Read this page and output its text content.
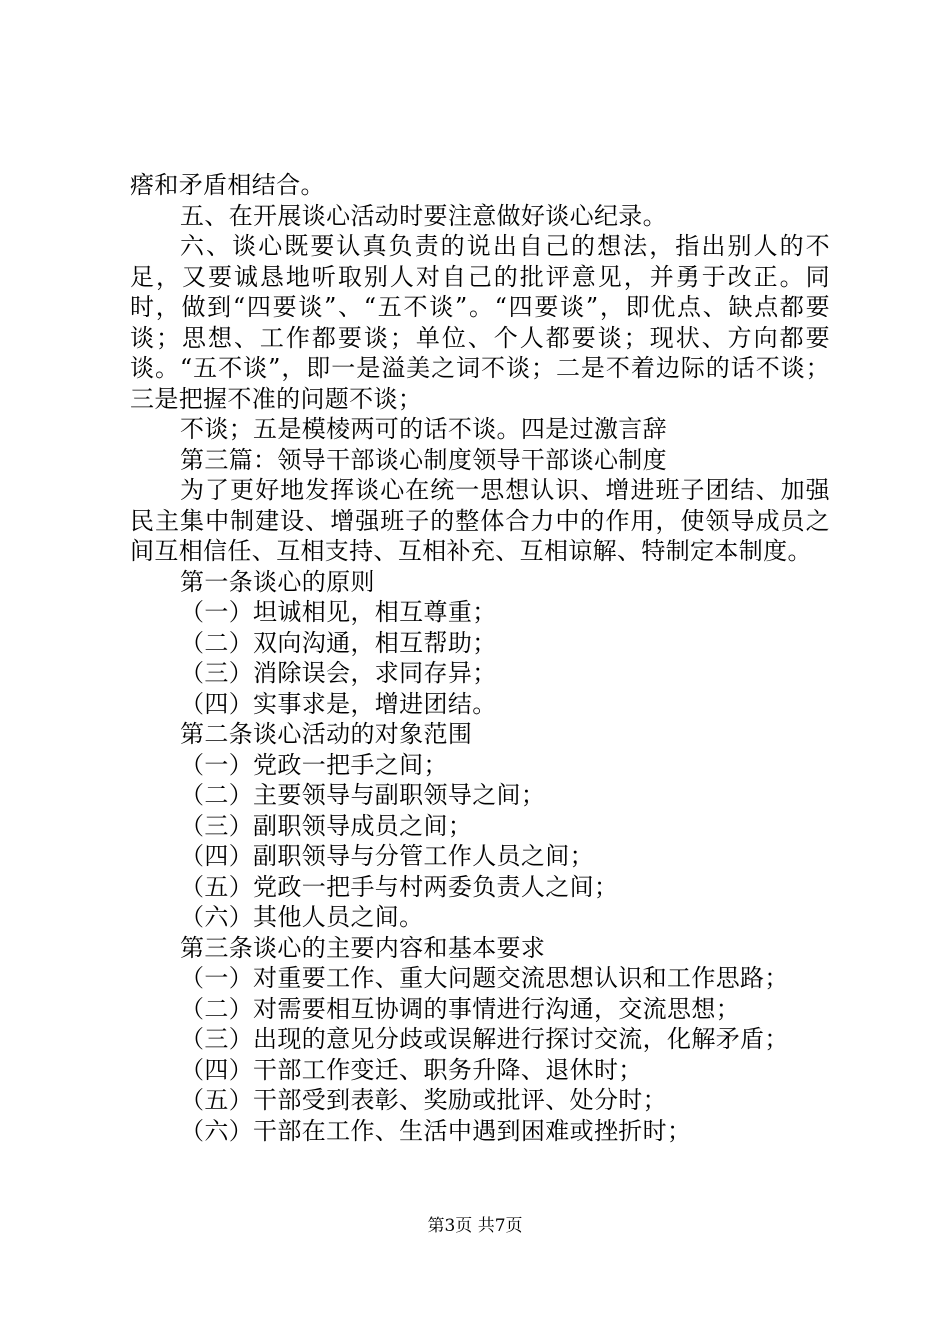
瘩和矛盾相结合。

五、在开展谈心活动时要注意做好谈心纪录。

六、谈心既要认真负责的说出自己的想法，指出别人的不足，又要诚恳地听取别人对自己的批评意见，并勇于改正。同时，做到“四要谈”、“五不谈”。“四要谈”，即优点、缺点都要谈；思想、工作都要谈；单位、个人都要谈；现状、方向都要谈。“五不谈”，即一是溢美之词不谈；二是不着边际的话不谈；三是把握不准的问题不谈；

不谈；五是模棱两可的话不谈。四是过激言辞

第三篇：领导干部谈心制度领导干部谈心制度

为了更好地发挥谈心在统一思想认识、增进班子团结、加强民主集中制建设、增强班子的整体合力中的作用，使领导成员之间互相信任、互相支持、互相补充、互相谅解、特制定本制度。

第一条谈心的原则

（一）坦诚相见，相互尊重；

（二）双向沟通，相互帮助；

（三）消除误会，求同存异；

（四）实事求是，增进团结。

第二条谈心活动的对象范围

（一）党政一把手之间；

（二）主要领导与副职领导之间；

（三）副职领导成员之间；

（四）副职领导与分管工作人员之间；

（五）党政一把手与村两委负责人之间；

（六）其他人员之间。

第三条谈心的主要内容和基本要求

（一）对重要工作、重大问题交流思想认识和工作思路；

（二）对需要相互协调的事情进行沟通，交流思想；

（三）出现的意见分歧或误解进行探讨交流，化解矛盾；

（四）干部工作变迁、职务升降、退休时；

（五）干部受到表彰、奖励或批评、处分时；

（六）干部在工作、生活中遇到困难或挫折时；

第3页 共7页
